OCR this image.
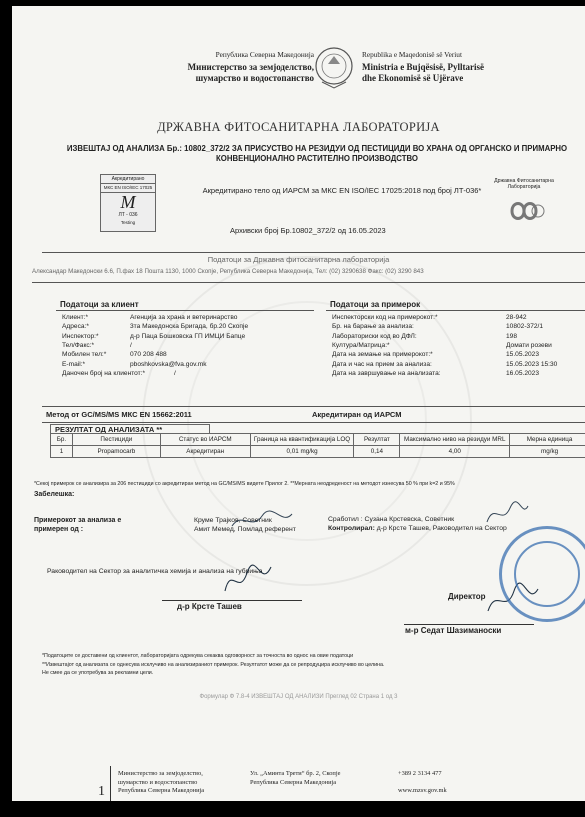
Република Северна Македонија
Министерство за земјоделство,
шумарство и водостопанство
Republika e Maqedonisë së Veriut
Ministria e Bujqësisë, Pylltarisë
dhe Ekonomisë së Ujërave
ДРЖАВНА ФИТОСАНИТАРНА ЛАБОРАТОРИЈА
ИЗВЕШТАЈ ОД АНАЛИЗА Бр.: 10802_372/2 ЗА ПРИСУСТВО НА РЕЗИДУИ ОД ПЕСТИЦИДИ ВО ХРАНА ОД ОРГАНСКО И ПРИМАРНО КОНВЕНЦИОНАЛНО РАСТИТЕЛНО ПРОИЗВОДСТВО
Акредитирано
МКС EN ISO/IEC 17025
M
ЛТ - 036
Testing
Акредитирано тело од ИАРСМ за МКС EN ISO/IEC 17025:2018 под број ЛТ-036*
Архивски број Бр.10802_372/2 од 16.05.2023
Државна Фитосанитарна Лабораторија
Податоци за Државна фитосанитарна лабораторија
Александар Македонски 6.6, П.фах 18 Пошта 1130, 1000 Скопје, Република Северна Македонија, Тел: (02) 3290638 Факс: (02) 3290 843
Податоци за клиент
Клиент:*	Агенција за храна и ветеринарство
Адреса:*	3та Македонска Бригада, бр.20 Скопје
Инспектор:*	д-р Паца Бошковска ГП ИМЦИ Бапце
Тел/Факс:*	/
Мобилен тел:*	070 208 488
E-mail:*	pboshkovska@fva.gov.mk
Даночен број на клиентот:*	/
Податоци за примерок
Инспекторски код на примерокот:*	28-942
Бр. на барање за анализа:	10802-372/1
Лабораториски код во ДФЛ:	198
Култура/Матрица:*	Домати розеви
Дата на земање на примерокот:*	15.05.2023
Дата и час на прием за анализа:	15.05.2023 15:30
Дата на завршување на анализата:	16.05.2023
Метод от GC/MS/MS МКС EN 15662:2011	Акредитиран од ИАРСМ
РЕЗУЛТАТ ОД АНАЛИЗАТА **
Бр.	Пестициди	Статус во ИАРСМ	Граница на квантификација LOQ	Резултат	Максимално ниво на резидуи MRL	Мерна единица
1	Propamocarb	Акредитиран	0,01 mg/kg	0,14	4,00	mg/kg
*Секој примерок се анализира за 206 пестициди со акредитиран метод на GC/MS/MS видете Прилог 2. **Мерната неодреденост на методот изнесува 50 % при k=2 и 95%
Забелешка:
Примерокот за анализа е примерен од :
Круме Трајков, Советник
Амит Мемед, Помлад референт
Сработил : Сузана Крстевска, Советник
Контролирал: д-р Крсте Ташев, Раководител на Сектор
Раководител на Сектор за аналитичка хемија и анализа на губриња
д-р Крсте Ташев
Директор
м-р Седат Шазиманоски
*Податоците се доставени од клиентот, лабораторијата одрекува секаква одговорност за точноста во однос на овие податоци
**Извештајот од анализата се однесува исклучиво на анализираниот примерок. Резултатот може да се репродуцира исклучиво во целина.
Не смее да се употребува за рекламни цели.
Формулар Ф 7.8-4 ИЗВЕШТАЈ ОД АНАЛИЗИ Преглед 02 Страна 1 од 3
1
Министерство за земјоделство,
шумарство и водостопанство
Република Северна Македонија
Ул. „Аминта Трети“ бр. 2, Скопје
Република Северна Македонија
+389 2 3134 477
www.mzsv.gov.mk
